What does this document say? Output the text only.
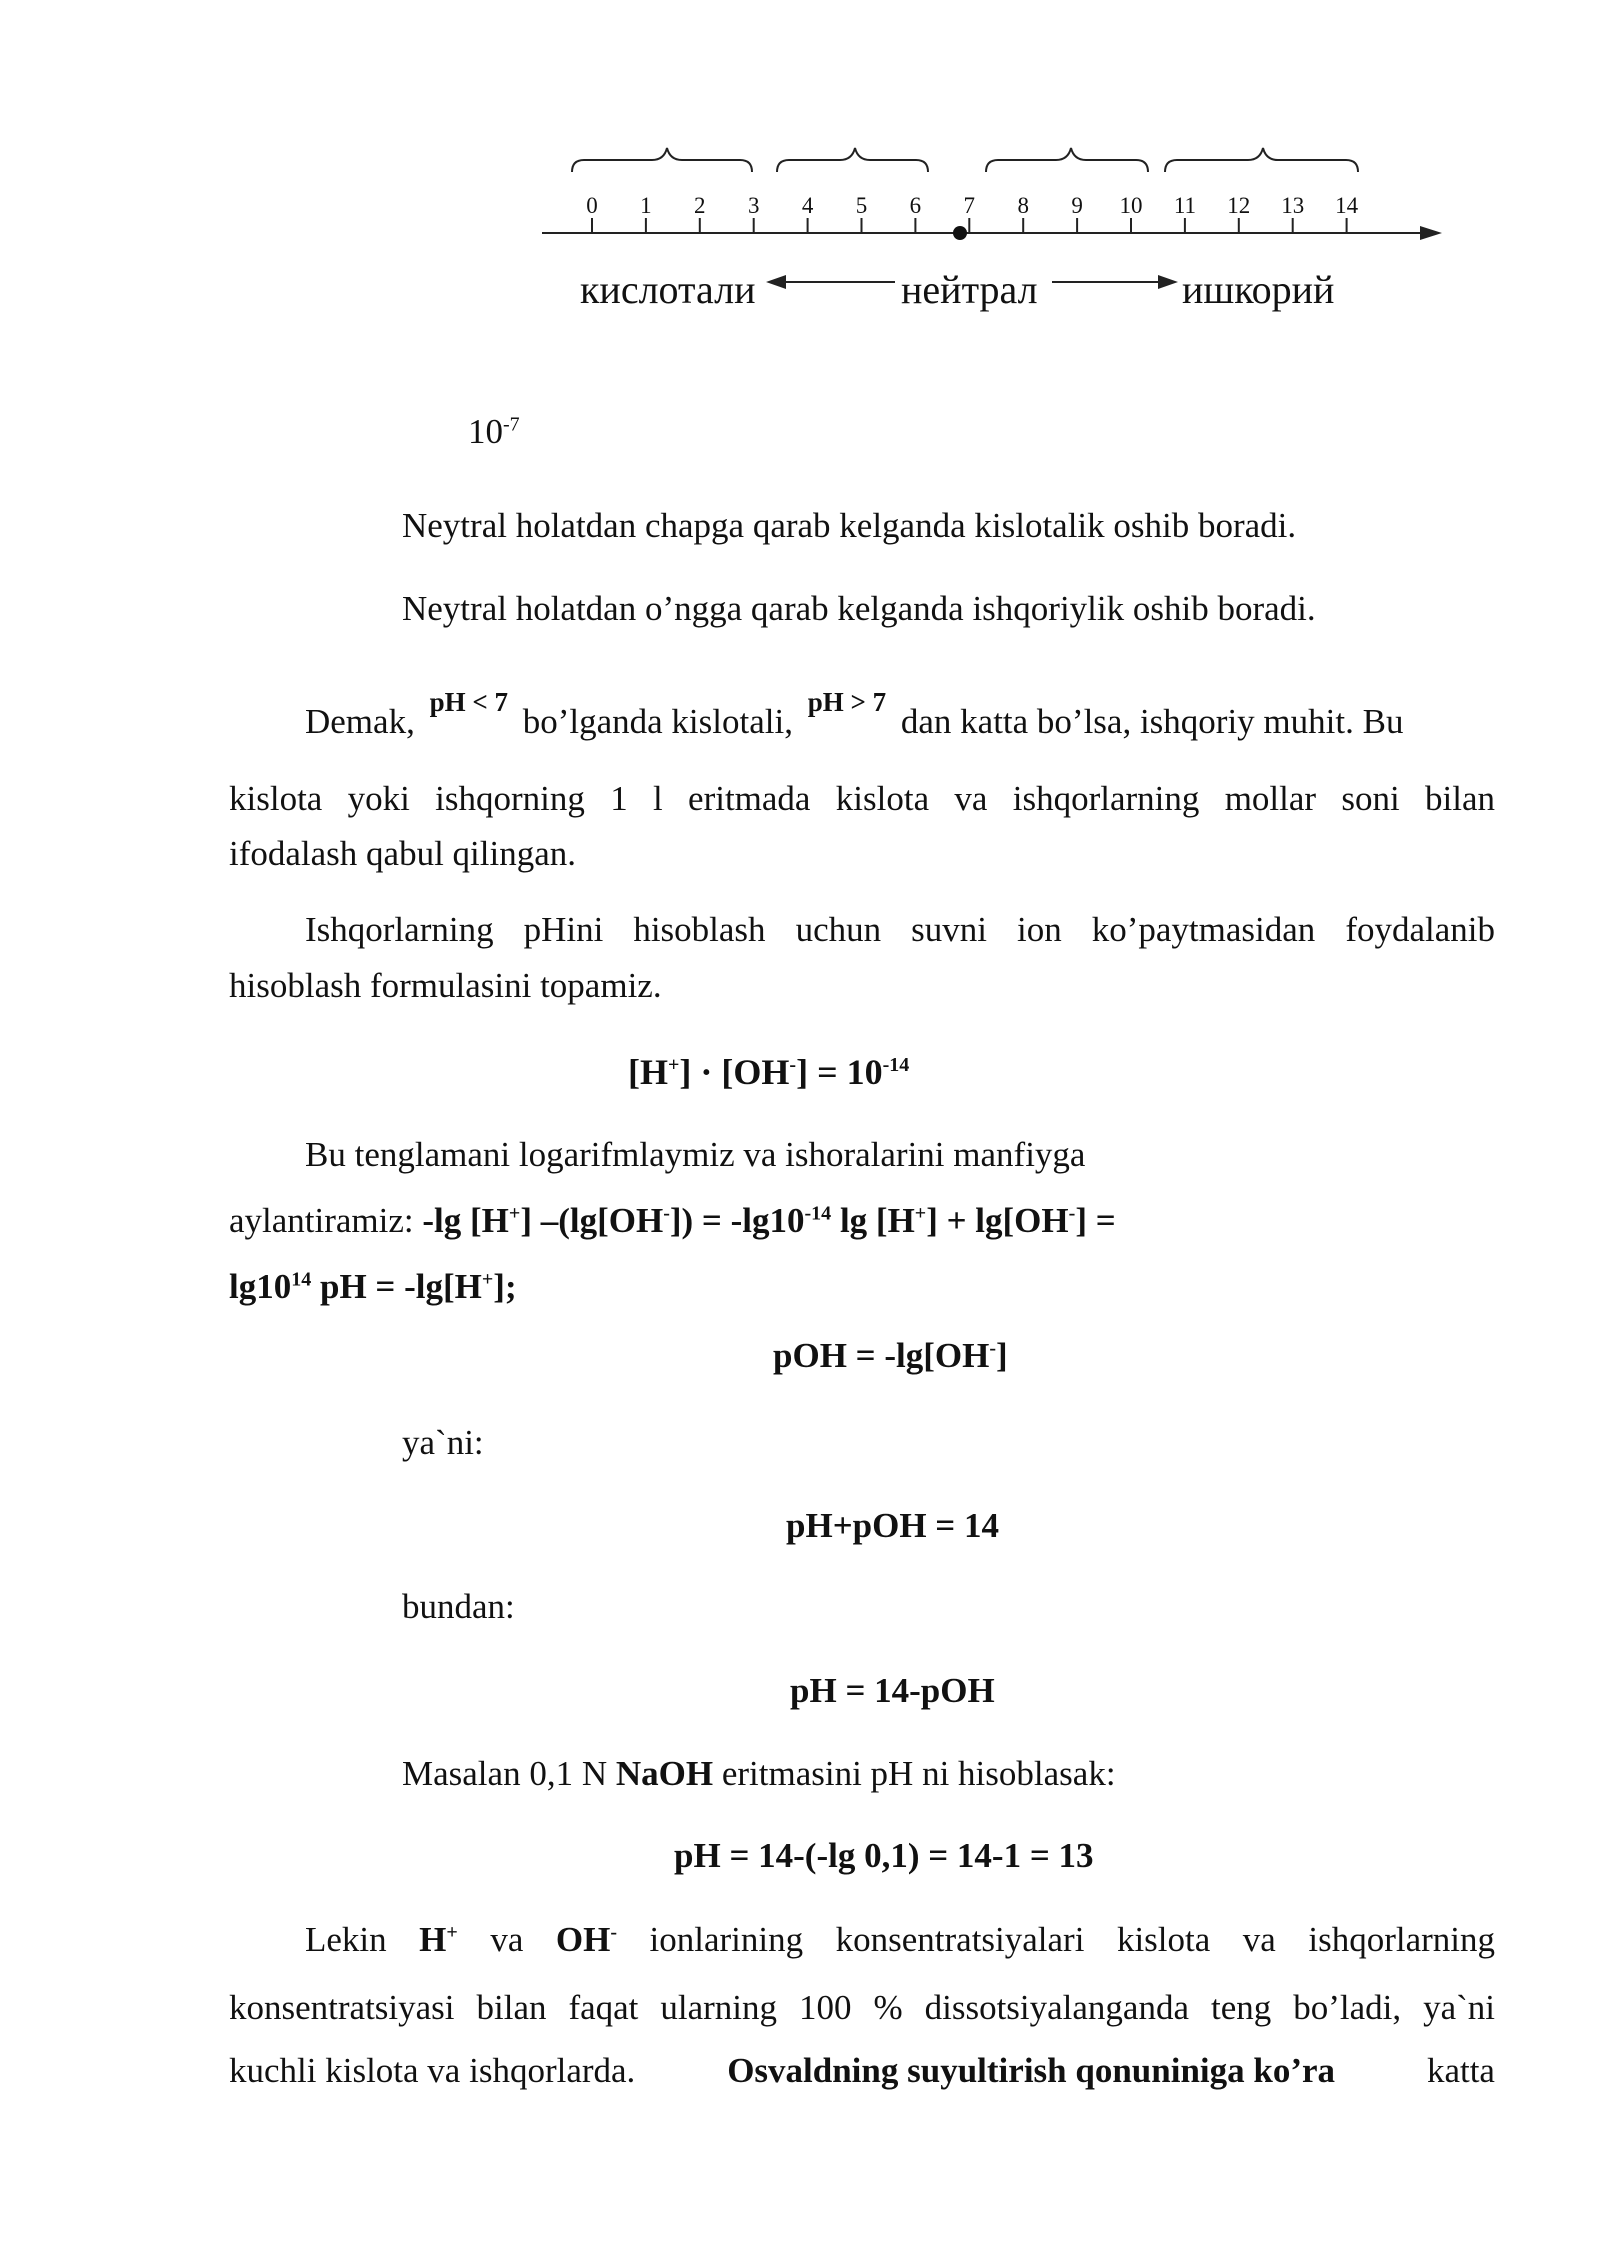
0	1	2	3	4	5	6	7	8	9	10	11	12	13	14
кислотали	нейтрал	ишкорий
$10^{-7}$
Neytral holatdan chapga qarab kelganda kislotalik oshib boradi.
Neytral holatdan o’ngga qarab kelganda ishqoriylik oshib boradi.
Demak, $^{pH < 7}$ bo’lganda kislotali, $^{pH > 7}$ dan katta bo’lsa, ishqoriy muhit. Bu
kislota yoki ishqorning 1 l eritmada kislota va ishqorlarning mollar soni bilan
ifodalash qabul qilingan.
Ishqorlarning pHini hisoblash uchun suvni ion ko’paytmasidan foydalanib
hisoblash formulasini topamiz.
$[H^+] \cdot [OH^-] = 10^{-14}$
Bu tenglamani logarifmlaymiz va ishoralarini manfiyga
aylantiramiz: -lg [H+] $-(\lg[OH^-]) = -\lg 10^{-14}$ lg [H+] + lg[OH-] =
$\lg 10^{14}$ pH = -lg[H+];
pOH = -lg[OH-]
ya`ni:
pH+pOH = 14
bundan:
pH = 14-pOH
Masalan 0,1 N NaOH eritmasini pH ni hisoblasak:
pH = 14-(-lg 0,1) = 14-1 = 13
Lekin H+ va OH- ionlarining konsentratsiyalari kislota va ishqorlarning
konsentratsiyasi bilan faqat ularning 100 % dissotsiyalanganda teng bo’ladi, ya`ni
kuchli kislota va ishqorlarda.	Osvaldning suyultirish qonuniniga ko’ra	katta
